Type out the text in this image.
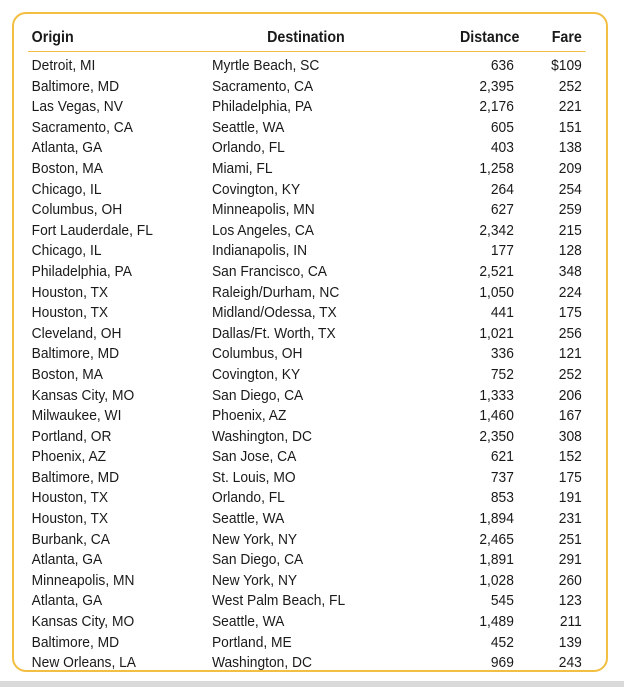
Origin	Destination	Distance	Fare
Detroit, MI	Myrtle Beach, SC	636	$109
Baltimore, MD	Sacramento, CA	2,395	252
Las Vegas, NV	Philadelphia, PA	2,176	221
Sacramento, CA	Seattle, WA	605	151
Atlanta, GA	Orlando, FL	403	138
Boston, MA	Miami, FL	1,258	209
Chicago, IL	Covington, KY	264	254
Columbus, OH	Minneapolis, MN	627	259
Fort Lauderdale, FL	Los Angeles, CA	2,342	215
Chicago, IL	Indianapolis, IN	177	128
Philadelphia, PA	San Francisco, CA	2,521	348
Houston, TX	Raleigh/Durham, NC	1,050	224
Houston, TX	Midland/Odessa, TX	441	175
Cleveland, OH	Dallas/Ft. Worth, TX	1,021	256
Baltimore, MD	Columbus, OH	336	121
Boston, MA	Covington, KY	752	252
Kansas City, MO	San Diego, CA	1,333	206
Milwaukee, WI	Phoenix, AZ	1,460	167
Portland, OR	Washington, DC	2,350	308
Phoenix, AZ	San Jose, CA	621	152
Baltimore, MD	St. Louis, MO	737	175
Houston, TX	Orlando, FL	853	191
Houston, TX	Seattle, WA	1,894	231
Burbank, CA	New York, NY	2,465	251
Atlanta, GA	San Diego, CA	1,891	291
Minneapolis, MN	New York, NY	1,028	260
Atlanta, GA	West Palm Beach, FL	545	123
Kansas City, MO	Seattle, WA	1,489	211
Baltimore, MD	Portland, ME	452	139
New Orleans, LA	Washington, DC	969	243
